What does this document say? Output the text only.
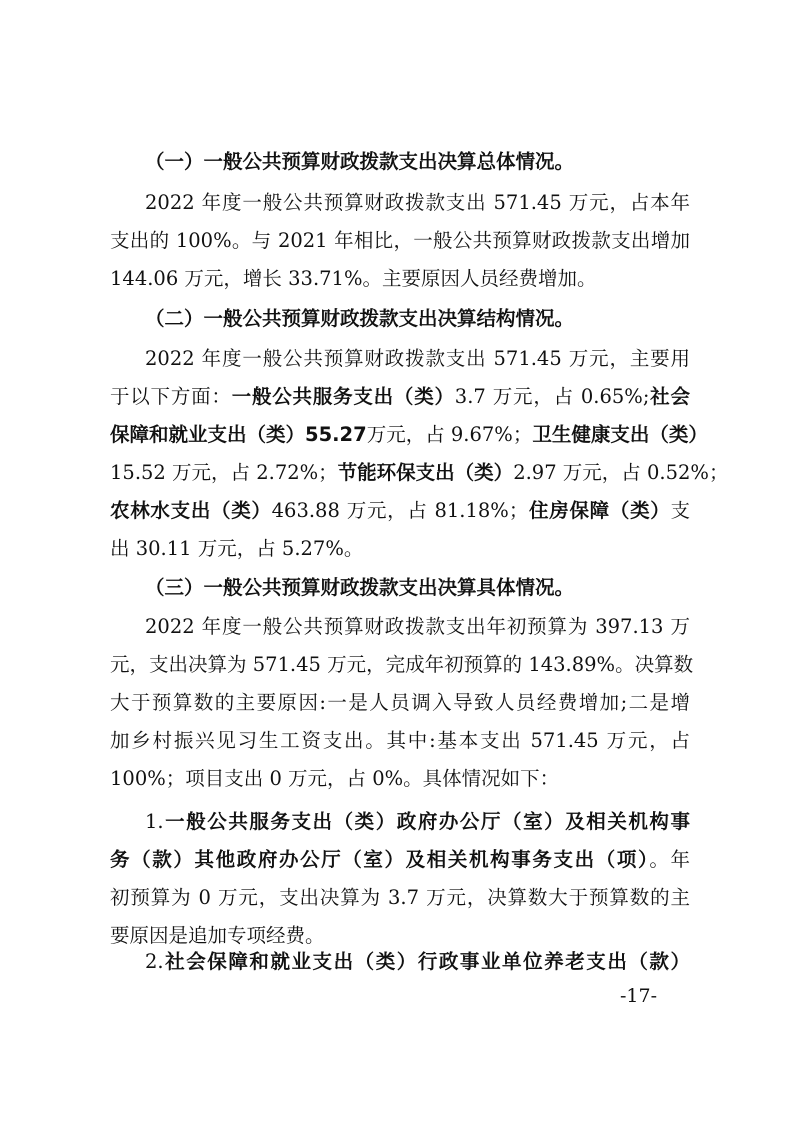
（一）一般公共预算财政拨款支出决算总体情况。
2022 年度一般公共预算财政拨款支出 571.45 万元，占本年
支出的 100%。与 2021 年相比，一般公共预算财政拨款支出增加
144.06 万元，增长 33.71%。主要原因人员经费增加。
（二）一般公共预算财政拨款支出决算结构情况。
2022 年度一般公共预算财政拨款支出 571.45 万元，主要用
于以下方面：一般公共服务支出（类）3.7 万元，占 0.65%;社会
保障和就业支出（类）55.27万元，占 9.67%；卫生健康支出（类）
15.52 万元，占 2.72%；节能环保支出（类）2.97 万元，占 0.52%；
农林水支出（类）463.88 万元，占 81.18%；住房保障（类）支
出 30.11 万元，占 5.27%。
（三）一般公共预算财政拨款支出决算具体情况。
2022 年度一般公共预算财政拨款支出年初预算为 397.13 万
元，支出决算为 571.45 万元，完成年初预算的 143.89%。决算数
大于预算数的主要原因:一是人员调入导致人员经费增加;二是增
加乡村振兴见习生工资支出。其中:基本支出 571.45 万元，占
100%；项目支出 0 万元，占 0%。具体情况如下：
1.一般公共服务支出（类）政府办公厅（室）及相关机构事
务（款）其他政府办公厅（室）及相关机构事务支出（项）。年
初预算为 0 万元，支出决算为 3.7 万元，决算数大于预算数的主
要原因是追加专项经费。
2.社会保障和就业支出（类）行政事业单位养老支出（款）
-17-
